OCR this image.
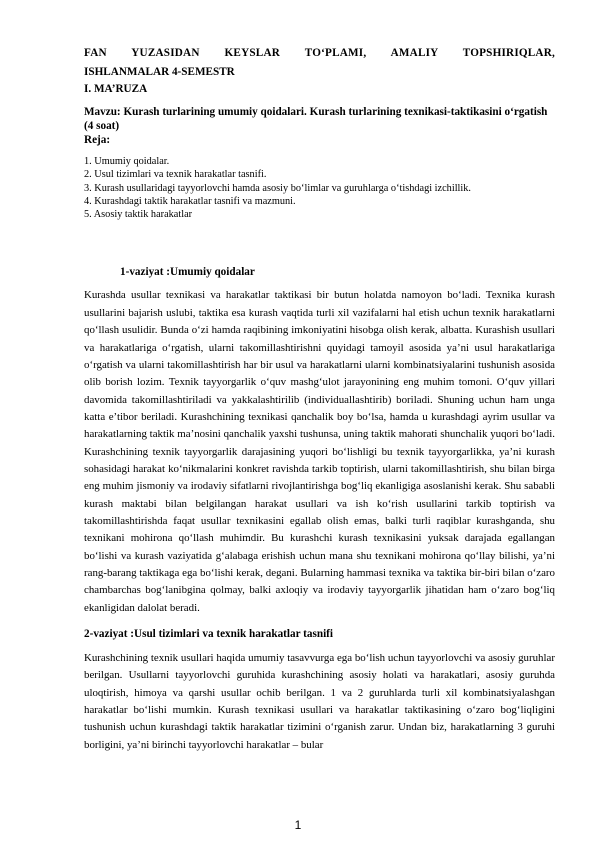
FAN YUZASIDAN KEYSLAR TO‘PLAMI, AMALIY TOPSHIRIQLAR,
ISHLANMALAR 4-SEMESTR
I. MA’RUZA
Mavzu: Kurash turlarining umumiy qoidalari. Kurash turlarining texnikasi-taktikasini o‘rgatish (4 soat)
Reja:
1. Umumiy qoidalar.
2. Usul tizimlari va texnik harakatlar tasnifi.
3. Kurash usullaridagi tayyorlovchi hamda asosiy bo‘limlar va guruhlarga o‘tishdagi izchillik.
4. Kurashdagi taktik harakatlar tasnifi va mazmuni.
5. Asosiy taktik harakatlar
1-vaziyat :Umumiy qoidalar
Kurashda usullar texnikasi va harakatlar taktikasi bir butun holatda namoyon bo‘ladi. Texnika kurash usullarini bajarish uslubi, taktika esa kurash vaqtida turli xil vazifalarni hal etish uchun texnik harakatlarni qo‘llash usulidir. Bunda o‘zi hamda raqibining imkoniyatini hisobga olish kerak, albatta. Kurashish usullari va harakatlariga o‘rgatish, ularni takomillashtirishni quyidagi tamoyil asosida ya’ni usul harakatlariga o‘rgatish va ularni takomillashtirish har bir usul va harakatlarni ularni kombinatsiyalarini tushunish asosida olib borish lozim. Texnik tayyorgarlik o‘quv mashg‘ulot jarayonining eng muhim tomoni. O‘quv yillari davomida takomillashtiriladi va yakkalashtirilib (individuallashtirib) boriladi. Shuning uchun ham unga katta e’tibor beriladi. Kurashchining texnikasi qanchalik boy bo‘lsa, hamda u kurashdagi ayrim usullar va harakatlarning taktik ma’nosini qanchalik yaxshi tushunsa, uning taktik mahorati shunchalik yuqori bo‘ladi. Kurashchining texnik tayyorgarlik darajasining yuqori bo‘lishligi bu texnik tayyorgarlikka, ya’ni kurash sohasidagi harakat ko‘nikmalarini konkret ravishda tarkib toptirish, ularni takomillashtirish, shu bilan birga eng muhim jismoniy va irodaviy sifatlarni rivojlantirishga bog‘liq ekanligiga asoslanishi kerak. Shu sababli kurash maktabi bilan belgilangan harakat usullari va ish ko‘rish usullarini tarkib toptirish va takomillashtirishda faqat usullar texnikasini egallab olish emas, balki turli raqiblar kurashganda, shu texnikani mohirona qo‘llash muhimdir. Bu kurashchi kurash texnikasini yuksak darajada egallangan bo‘lishi va kurash vaziyatida g‘alabaga erishish uchun mana shu texnikani mohirona qo‘llay bilishi, ya’ni rang-barang taktikaga ega bo‘lishi kerak, degani. Bularning hammasi texnika va taktika bir-biri bilan o‘zaro chambarchas bog‘lanibgina qolmay, balki axloqiy va irodaviy tayyorgarlik jihatidan ham o‘zaro bog‘liq ekanligidan dalolat beradi.
2-vaziyat :Usul tizimlari va texnik harakatlar tasnifi
Kurashchining texnik usullari haqida umumiy tasavvurga ega bo‘lish uchun tayyorlovchi va asosiy guruhlar berilgan. Usullarni tayyorlovchi guruhida kurashchining asosiy holati va harakatlari, asosiy guruhda uloqtirish, himoya va qarshi usullar ochib berilgan. 1 va 2 guruhlarda turli xil kombinatsiyalashgan harakatlar bo‘lishi mumkin. Kurash texnikasi usullari va harakatlar taktikasining o‘zaro bog‘liqligini tushunish uchun kurashdagi taktik harakatlar tizimini o‘rganish zarur. Undan biz, harakatlarning 3 guruhi borligini, ya’ni birinchi tayyorlovchi harakatlar – bular
1
